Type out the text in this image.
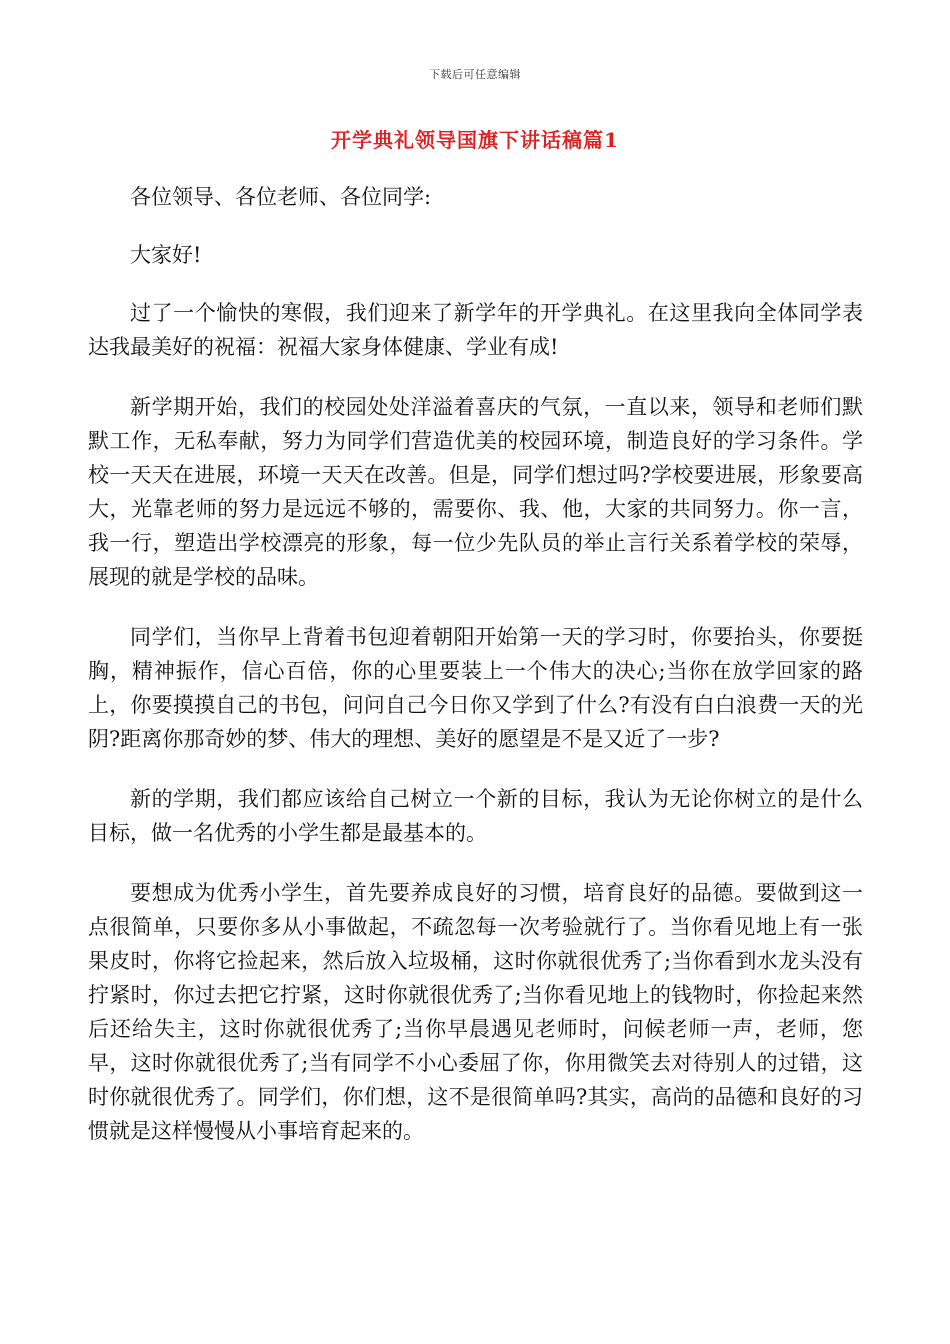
下载后可任意编辑
开学典礼领导国旗下讲话稿篇1

各位领导、各位老师、各位同学:

大家好!

过了一个愉快的寒假，我们迎来了新学年的开学典礼。在这里我向全体同学表达我最美好的祝福：祝福大家身体健康、学业有成!

新学期开始，我们的校园处处洋溢着喜庆的气氛，一直以来，领导和老师们默默工作，无私奉献，努力为同学们营造优美的校园环境，制造良好的学习条件。学校一天天在进展，环境一天天在改善。但是，同学们想过吗?学校要进展，形象要高大，光靠老师的努力是远远不够的，需要你、我、他，大家的共同努力。你一言，我一行，塑造出学校漂亮的形象，每一位少先队员的举止言行关系着学校的荣辱，展现的就是学校的品味。

同学们，当你早上背着书包迎着朝阳开始第一天的学习时，你要抬头，你要挺胸，精神振作，信心百倍，你的心里要装上一个伟大的决心;当你在放学回家的路上，你要摸摸自己的书包，问问自己今日你又学到了什么?有没有白白浪费一天的光阴?距离你那奇妙的梦、伟大的理想、美好的愿望是不是又近了一步?

新的学期，我们都应该给自己树立一个新的目标，我认为无论你树立的是什么目标，做一名优秀的小学生都是最基本的。

要想成为优秀小学生，首先要养成良好的习惯，培育良好的品德。要做到这一点很简单，只要你多从小事做起，不疏忽每一次考验就行了。当你看见地上有一张果皮时，你将它捡起来，然后放入垃圾桶，这时你就很优秀了;当你看到水龙头没有拧紧时，你过去把它拧紧，这时你就很优秀了;当你看见地上的钱物时，你捡起来然后还给失主，这时你就很优秀了;当你早晨遇见老师时，问候老师一声，老师，您早，这时你就很优秀了;当有同学不小心委屈了你，你用微笑去对待别人的过错，这时你就很优秀了。同学们，你们想，这不是很简单吗?其实，高尚的品德和良好的习惯就是这样慢慢从小事培育起来的。
